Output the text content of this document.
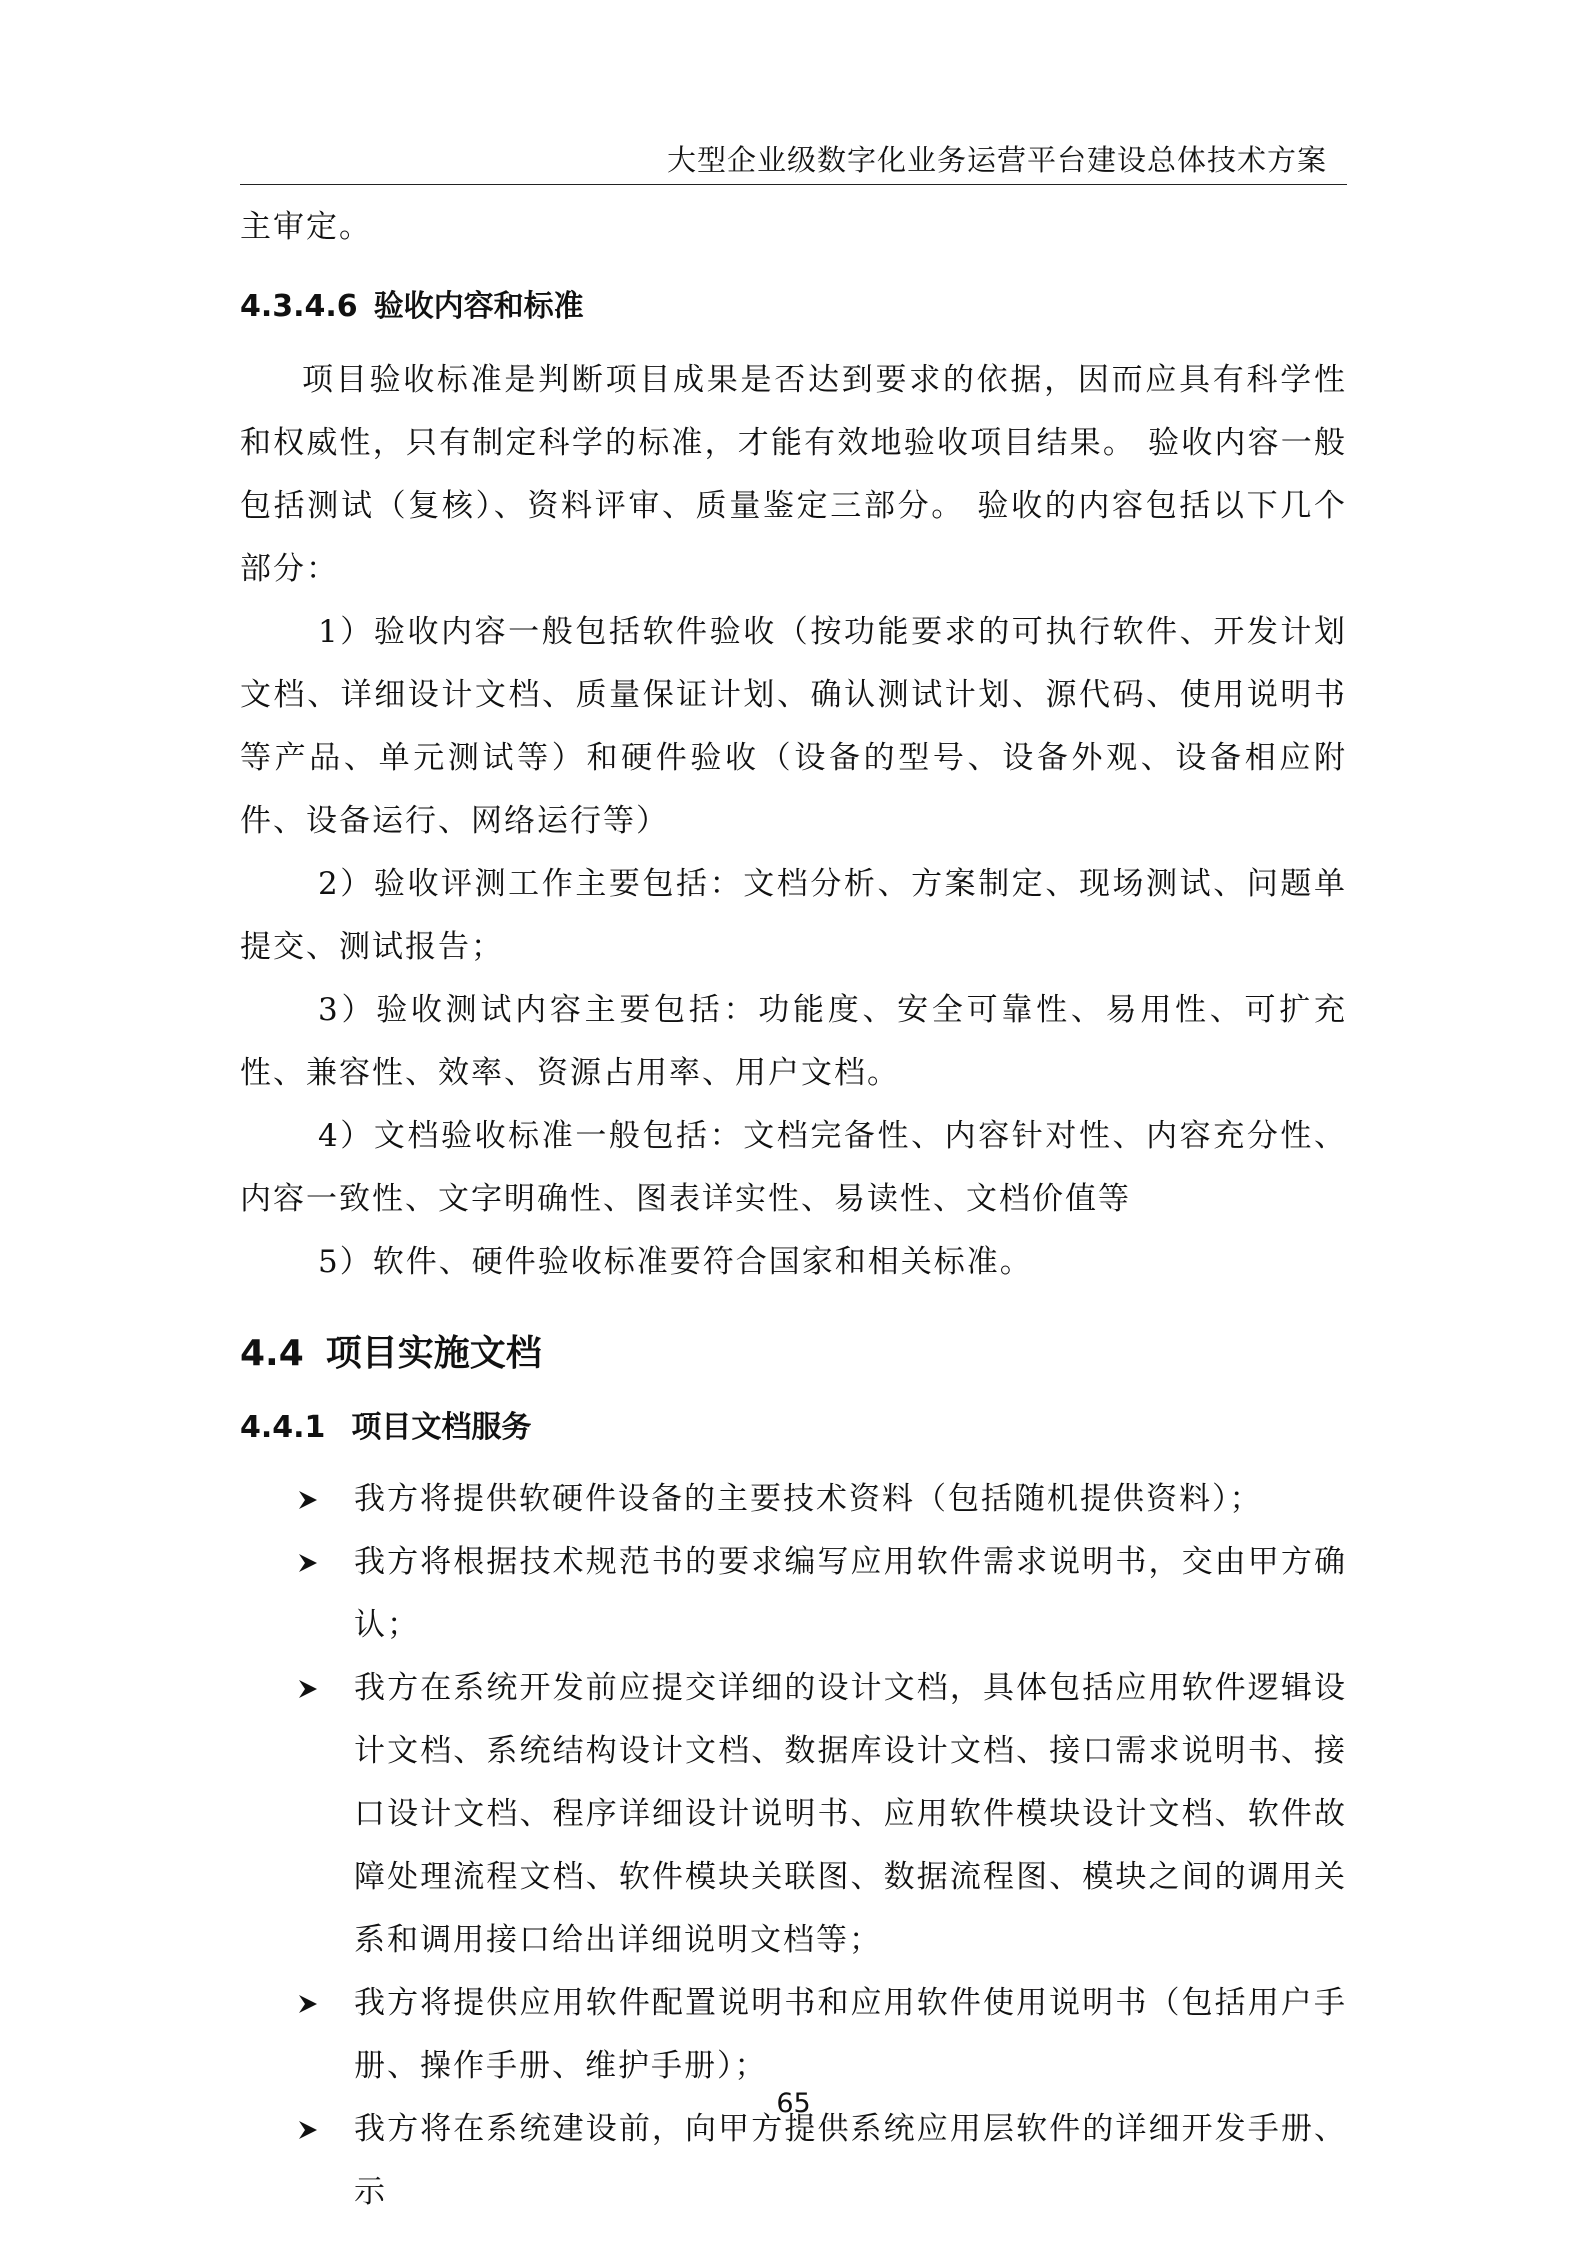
大型企业级数字化业务运营平台建设总体技术方案

主审定。

4.3.4.6 验收内容和标准

项目验收标准是判断项目成果是否达到要求的依据，因而应具有科学性和权威性，只有制定科学的标准，才能有效地验收项目结果。 验收内容一般包括测试（复核）、资料评审、质量鉴定三部分。 验收的内容包括以下几个部分：

1）验收内容一般包括软件验收（按功能要求的可执行软件、开发计划文档、详细设计文档、质量保证计划、确认测试计划、源代码、使用说明书等产品、单元测试等）和硬件验收（设备的型号、设备外观、设备相应附件、设备运行、网络运行等）

2）验收评测工作主要包括：文档分析、方案制定、现场测试、问题单提交、测试报告；

3）验收测试内容主要包括：功能度、安全可靠性、易用性、可扩充性、兼容性、效率、资源占用率、用户文档。

4）文档验收标准一般包括：文档完备性、内容针对性、内容充分性、内容一致性、文字明确性、图表详实性、易读性、文档价值等

5）软件、硬件验收标准要符合国家和相关标准。

4.4 项目实施文档
4.4.1 项目文档服务
我方将提供软硬件设备的主要技术资料（包括随机提供资料）；
我方将根据技术规范书的要求编写应用软件需求说明书，交由甲方确认；
我方在系统开发前应提交详细的设计文档，具体包括应用软件逻辑设计文档、系统结构设计文档、数据库设计文档、接口需求说明书、接口设计文档、程序详细设计说明书、应用软件模块设计文档、软件故障处理流程文档、软件模块关联图、数据流程图、模块之间的调用关系和调用接口给出详细说明文档等；
我方将提供应用软件配置说明书和应用软件使用说明书（包括用户手册、操作手册、维护手册）；
我方将在系统建设前，向甲方提供系统应用层软件的详细开发手册、示
65
